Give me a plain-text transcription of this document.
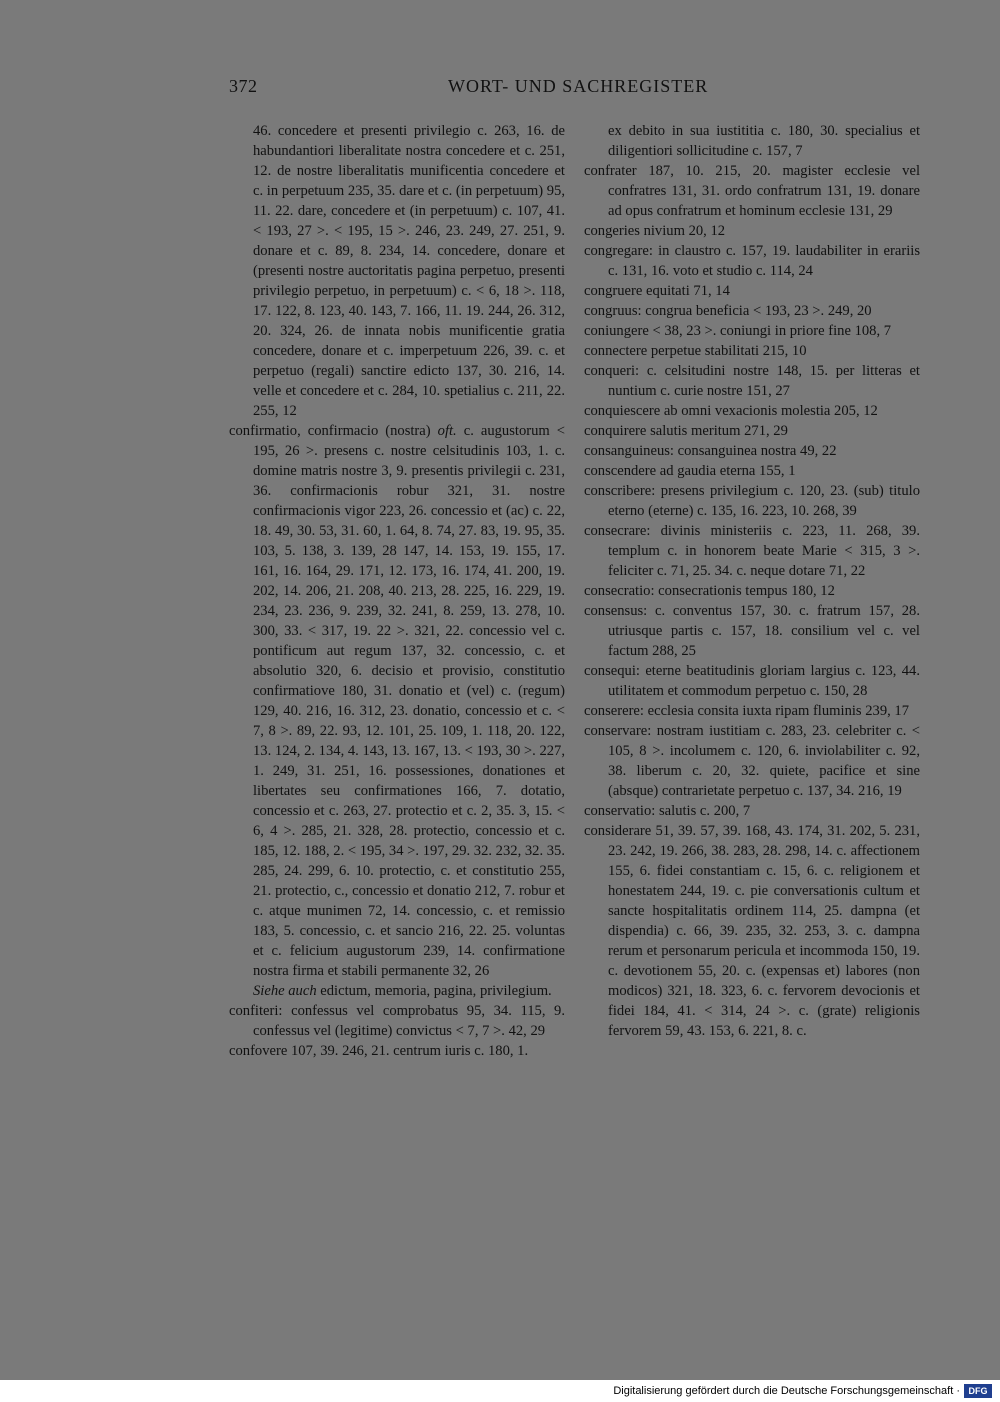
372	WORT- UND SACHREGISTER

46. concedere et presenti privilegio c. 263, 16. de habundantiori liberalitate nostra concedere et c. 251, 12. de nostre liberalitatis munificentia concedere et c. in perpetuum 235, 35. dare et c. (in perpetuum) 95, 11. 22. dare, concedere et (in perpetuum) c. 107, 41. < 193, 27 >. < 195, 15 >. 246, 23. 249, 27. 251, 9. donare et c. 89, 8. 234, 14. concedere, donare et (presenti nostre auctoritatis pagina perpetuo, presenti privilegio perpetuo, in perpetuum) c. < 6, 18 >. 118, 17. 122, 8. 123, 40. 143, 7. 166, 11. 19. 244, 26. 312, 20. 324, 26. de innata nobis munificentie gratia concedere, donare et c. imperpetuum 226, 39. c. et perpetuo (regali) sanctire edicto 137, 30. 216, 14. velle et concedere et c. 284, 10. spetialius c. 211, 22. 255, 12

confirmatio, confirmacio (nostra) oft. c. augustorum < 195, 26 >. presens c. nostre celsitudinis 103, 1. c. domine matris nostre 3, 9. presentis privilegii c. 231, 36. confirmacionis robur 321, 31. nostre confirmacionis vigor 223, 26. concessio et (ac) c. 22, 18. 49, 30. 53, 31. 60, 1. 64, 8. 74, 27. 83, 19. 95, 35. 103, 5. 138, 3. 139, 28 147, 14. 153, 19. 155, 17. 161, 16. 164, 29. 171, 12. 173, 16. 174, 41. 200, 19. 202, 14. 206, 21. 208, 40. 213, 28. 225, 16. 229, 19. 234, 23. 236, 9. 239, 32. 241, 8. 259, 13. 278, 10. 300, 33. < 317, 19. 22 >. 321, 22. concessio vel c. pontificum aut regum 137, 32. concessio, c. et absolutio 320, 6. decisio et provisio, constitutio confirmatiove 180, 31. donatio et (vel) c. (regum) 129, 40. 216, 16. 312, 23. donatio, concessio et c. < 7, 8 >. 89, 22. 93, 12. 101, 25. 109, 1. 118, 20. 122, 13. 124, 2. 134, 4. 143, 13. 167, 13. < 193, 30 >. 227, 1. 249, 31. 251, 16. possessiones, donationes et libertates seu confirmationes 166, 7. dotatio, concessio et c. 263, 27. protectio et c. 2, 35. 3, 15. < 6, 4 >. 285, 21. 328, 28. protectio, concessio et c. 185, 12. 188, 2. < 195, 34 >. 197, 29. 32. 232, 32. 35. 285, 24. 299, 6. 10. protectio, c. et constitutio 255, 21. protectio, c., concessio et donatio 212, 7. robur et c. atque munimen 72, 14. concessio, c. et remissio 183, 5. concessio, c. et sancio 216, 22. 25. voluntas et c. felicium augustorum 239, 14. confirmatione nostra firma et stabili permanente 32, 26

Siehe auch edictum, memoria, pagina, privilegium.

confiteri: confessus vel comprobatus 95, 34. 115, 9. confessus vel (legitime) convictus < 7, 7 >. 42, 29

confovere 107, 39. 246, 21. centrum iuris c. 180, 1.

ex debito in sua iustititia c. 180, 30. specialius et diligentiori sollicitudine c. 157, 7

confrater 187, 10. 215, 20. magister ecclesie vel confratres 131, 31. ordo confratrum 131, 19. donare ad opus confratrum et hominum ecclesie 131, 29

congeries nivium 20, 12

congregare: in claustro c. 157, 19. laudabiliter in erariis c. 131, 16. voto et studio c. 114, 24

congruere equitati 71, 14

congruus: congrua beneficia < 193, 23 >. 249, 20

coniungere < 38, 23 >. coniungi in priore fine 108, 7

connectere perpetue stabilitati 215, 10

conqueri: c. celsitudini nostre 148, 15. per litteras et nuntium c. curie nostre 151, 27

conquiescere ab omni vexacionis molestia 205, 12

conquirere salutis meritum 271, 29

consanguineus: consanguinea nostra 49, 22

conscendere ad gaudia eterna 155, 1

conscribere: presens privilegium c. 120, 23. (sub) titulo eterno (eterne) c. 135, 16. 223, 10. 268, 39

consecrare: divinis ministeriis c. 223, 11. 268, 39. templum c. in honorem beate Marie < 315, 3 >. feliciter c. 71, 25. 34. c. neque dotare 71, 22

consecratio: consecrationis tempus 180, 12

consensus: c. conventus 157, 30. c. fratrum 157, 28. utriusque partis c. 157, 18. consilium vel c. vel factum 288, 25

consequi: eterne beatitudinis gloriam largius c. 123, 44. utilitatem et commodum perpetuo c. 150, 28

conserere: ecclesia consita iuxta ripam fluminis 239, 17

conservare: nostram iustitiam c. 283, 23. celebriter c. < 105, 8 >. incolumem c. 120, 6. inviolabiliter c. 92, 38. liberum c. 20, 32. quiete, pacifice et sine (absque) contrarietate perpetuo c. 137, 34. 216, 19

conservatio: salutis c. 200, 7

considerare 51, 39. 57, 39. 168, 43. 174, 31. 202, 5. 231, 23. 242, 19. 266, 38. 283, 28. 298, 14. c. affectionem 155, 6. fidei constantiam c. 15, 6. c. religionem et honestatem 244, 19. c. pie conversationis cultum et sancte hospitalitatis ordinem 114, 25. dampna (et dispendia) c. 66, 39. 235, 32. 253, 3. c. dampna rerum et personarum pericula et incommoda 150, 19. c. devotionem 55, 20. c. (expensas et) labores (non modicos) 321, 18. 323, 6. c. fervorem devocionis et fidei 184, 41. < 314, 24 >. c. (grate) religionis fervorem 59, 43. 153, 6. 221, 8. c.

Digitalisierung gefördert durch die Deutsche Forschungsgemeinschaft · DFG
